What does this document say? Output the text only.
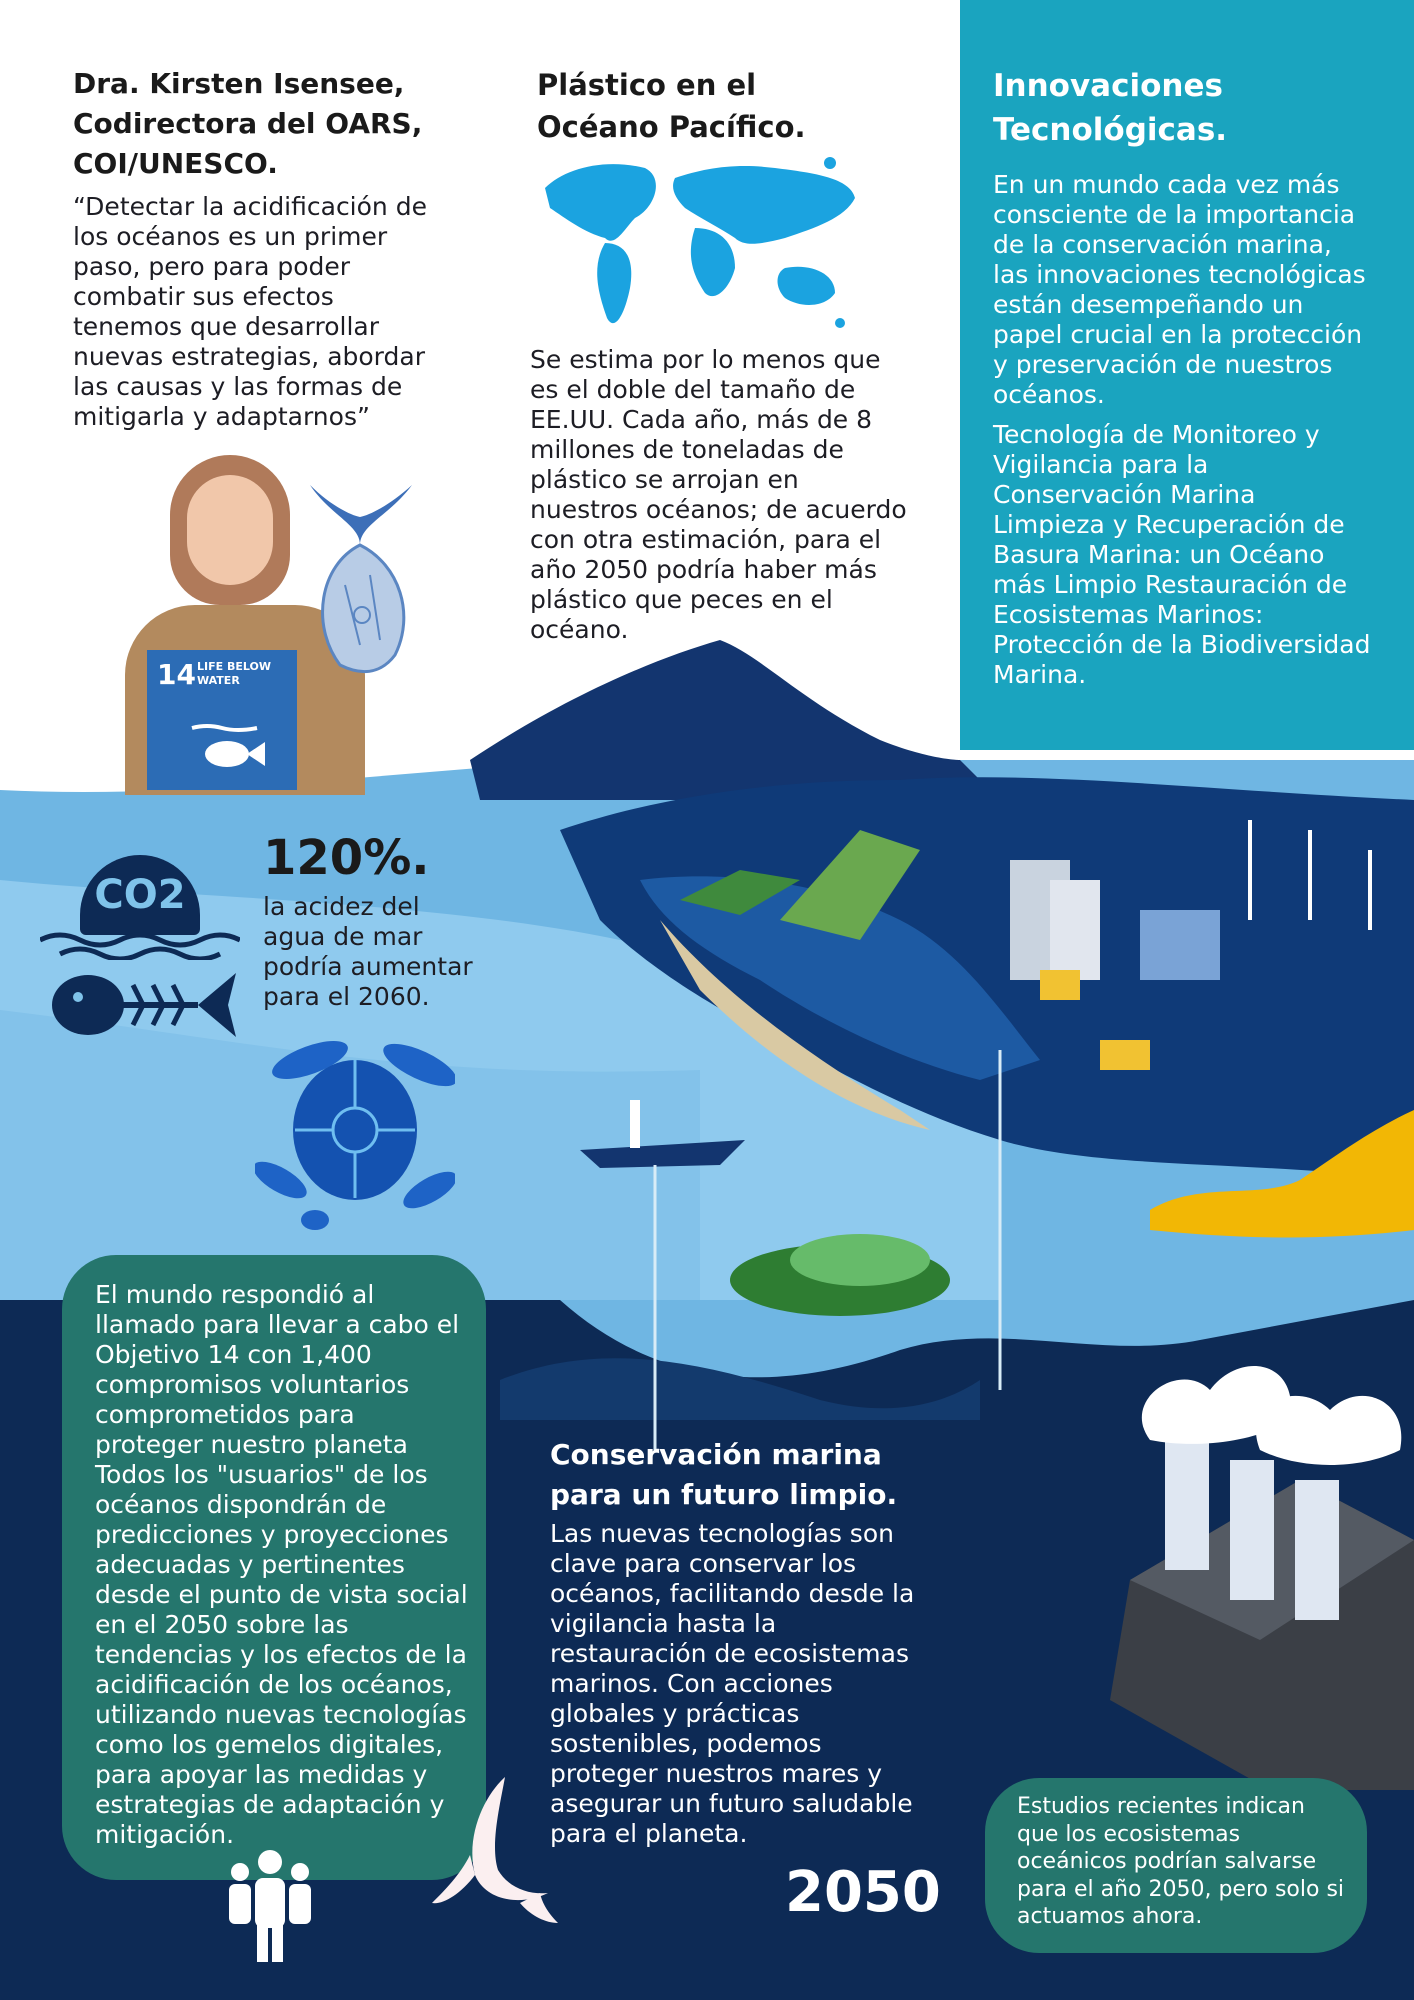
Dra. Kirsten Isensee, Codirectora del OARS, COI/UNESCO.
“Detectar la acidificación de los océanos es un primer paso, pero para poder combatir sus efectos tenemos que desarrollar nuevas estrategias, abordar las causas y las formas de mitigarla y adaptarnos”
14 LIFE BELOW WATER
Plástico en el Océano Pacífico.
Se estima por lo menos que es el doble del tamaño de EE.UU. Cada año, más de 8 millones de toneladas de plástico se arrojan en nuestros océanos; de acuerdo con otra estimación, para el año 2050 podría haber más plástico que peces en el océano.
Innovaciones Tecnológicas.
En un mundo cada vez más consciente de la importancia de la conservación marina, las innovaciones tecnológicas están desempeñando un papel crucial en la protección y preservación de nuestros océanos.
Tecnología de Monitoreo y Vigilancia para la Conservación Marina Limpieza y Recuperación de Basura Marina: un Océano más Limpio Restauración de Ecosistemas Marinos: Protección de la Biodiversidad Marina.
CO2
120%.
la acidez del agua de mar podría aumentar para el 2060.
El mundo respondió al llamado para llevar a cabo el Objetivo 14 con 1,400 compromisos voluntarios comprometidos para proteger nuestro planeta Todos los "usuarios" de los océanos dispondrán de predicciones y proyecciones adecuadas y pertinentes desde el punto de vista social en el 2050 sobre las tendencias y los efectos de la acidificación de los océanos, utilizando nuevas tecnologías como los gemelos digitales, para apoyar las medidas y estrategias de adaptación y mitigación.
Conservación marina para un futuro limpio.
Las nuevas tecnologías son clave para conservar los océanos, facilitando desde la vigilancia hasta la restauración de ecosistemas marinos. Con acciones globales y prácticas sostenibles, podemos proteger nuestros mares y asegurar un futuro saludable para el planeta.
2050
Estudios recientes indican que los ecosistemas oceánicos podrían salvarse para el año 2050, pero solo si actuamos ahora.
